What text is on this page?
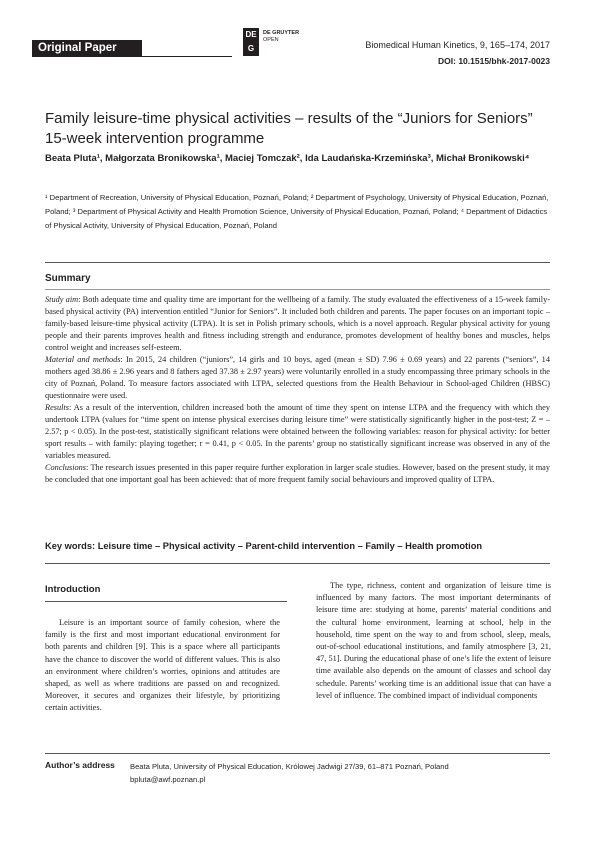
Original Paper
DE G
DE GRUYTER
OPEN	Biomedical Human Kinetics, 9, 165–174, 2017
DOI: 10.1515/bhk-2017-0023
Family leisure-time physical activities – results of the “Juniors for Seniors” 15-week intervention programme
Beata Pluta¹, Małgorzata Bronikowska¹, Maciej Tomczak², Ida Laudańska-Krzemińska³, Michał Bronikowski⁴
¹ Department of Recreation, University of Physical Education, Poznań, Poland; ² Department of Psychology, University of Physical Education, Poznań, Poland; ³ Department of Physical Activity and Health Promotion Science, University of Physical Education, Poznań, Poland; ⁴ Department of Didactics of Physical Activity, University of Physical Education, Poznań, Poland
Summary

Study aim: Both adequate time and quality time are important for the wellbeing of a family. The study evaluated the effectiveness of a 15-week family-based physical activity (PA) intervention entitled “Junior for Seniors”. It included both children and parents. The paper focuses on an important topic – family-based leisure-time physical activity (LTPA). It is set in Polish primary schools, which is a novel approach. Regular physical activity for young people and their parents improves health and fitness including strength and endurance, promotes development of healthy bones and muscles, helps control weight and increases self-esteem.

Material and methods: In 2015, 24 children (“juniors”, 14 girls and 10 boys, aged (mean ± SD) 7.96 ± 0.69 years) and 22 parents (“seniors”, 14 mothers aged 38.86 ± 2.96 years and 8 fathers aged 37.38 ± 2.97 years) were voluntarily enrolled in a study encompassing three primary schools in the city of Poznań, Poland. To measure factors associated with LTPA, selected questions from the Health Behaviour in School-aged Children (HBSC) questionnaire were used.

Results: As a result of the intervention, children increased both the amount of time they spent on intense LTPA and the frequency with which they undertook LTPA (values for “time spent on intense physical exercises during leisure time” were statistically significantly higher in the post-test; Z = –2.57; p < 0.05). In the post-test, statistically significant relations were obtained between the following variables: reason for physical activity: for better sport results – with family: playing together; r = 0.41, p < 0.05. In the parents’ group no statistically significant increase was observed in any of the variables measured.

Conclusions: The research issues presented in this paper require further exploration in larger scale studies. However, based on the present study, it may be concluded that one important goal has been achieved: that of more frequent family social behaviours and improved quality of LTPA.

Key words: Leisure time – Physical activity – Parent-child intervention – Family – Health promotion
Introduction

Leisure is an important source of family cohesion, where the family is the first and most important educational environment for both parents and children [9]. This is a space where all participants have the chance to discover the world of different values. This is also an environment where children’s worries, opinions and attitudes are shaped, as well as where traditions are passed on and recognized. Moreover, it secures and organizes their lifestyle, by prioritizing certain activities.

The type, richness, content and organization of leisure time is influenced by many factors. The most important determinants of leisure time are: studying at home, parents’ material conditions and the cultural home environment, learning at school, help in the household, time spent on the way to and from school, sleep, meals, out-of-school educational institutions, and family atmosphere [3, 21, 47, 51]. During the educational phase of one’s life the extent of leisure time available also depends on the amount of classes and school day schedule. Parents’ working time is an additional issue that can have a level of influence. The combined impact of individual components

Author’s address Beata Pluta, University of Physical Education, Królowej Jadwigi 27/39, 61–871 Poznań, Poland
bpluta@awf.poznan.pl
